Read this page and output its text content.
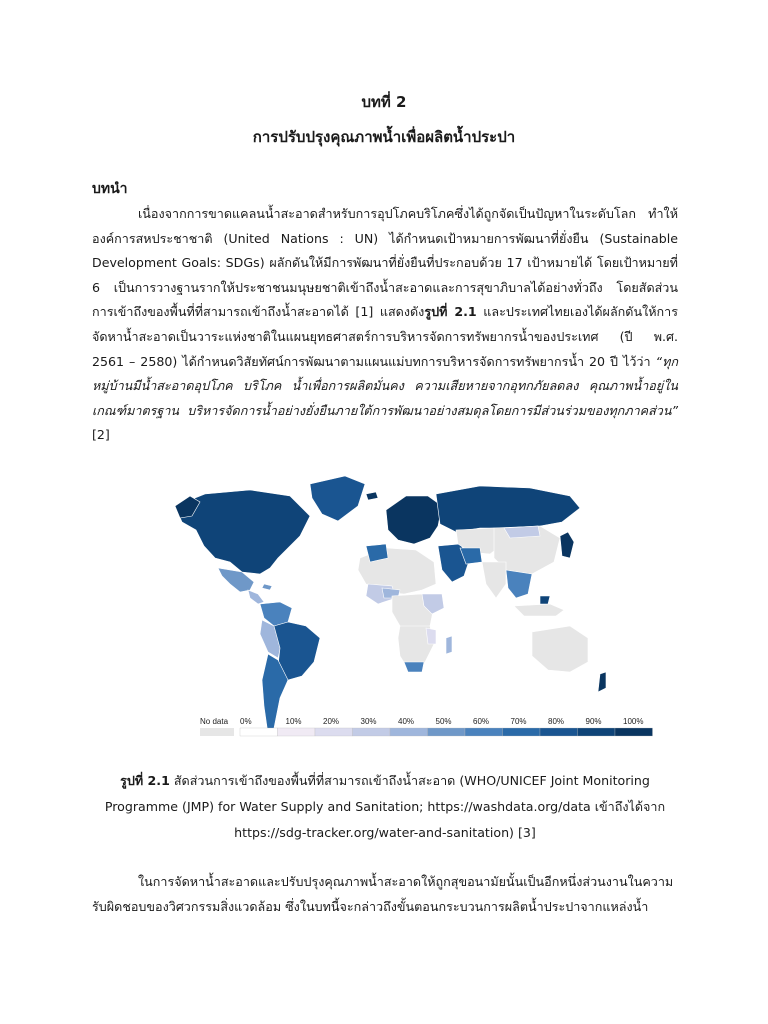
บทที่ 2
การปรับปรุงคุณภาพน้ำเพื่อผลิตน้ำประปา
บทนำ
เนื่องจากการขาดแคลนน้ำสะอาดสำหรับการอุปโภคบริโภคซึ่งได้ถูกจัดเป็นปัญหาในระดับโลก ทำให้องค์การสหประชาชาติ (United Nations : UN) ได้กำหนดเป้าหมายการพัฒนาที่ยั่งยืน (Sustainable Development Goals: SDGs) ผลักดันให้มีการพัฒนาที่ยั่งยืนที่ประกอบด้วย 17 เป้าหมายได้ โดยเป้าหมายที่ 6 เป็นการวางฐานรากให้ประชาชนมนุษยชาติเข้าถึงน้ำสะอาดและการสุขาภิบาลได้อย่างทั่วถึง โดยสัดส่วนการเข้าถึงของพื้นที่ที่สามารถเข้าถึงน้ำสะอาดได้ [1] แสดงดังรูปที่ 2.1 และประเทศไทยเองได้ผลักดันให้การจัดหาน้ำสะอาดเป็นวาระแห่งชาติในแผนยุทธศาสตร์การบริหารจัดการทรัพยากรน้ำของประเทศ (ปี พ.ศ. 2561 – 2580) ได้กำหนดวิสัยทัศน์การพัฒนาตามแผนแม่บทการบริหารจัดการทรัพยากรน้ำ 20 ปี ไว้ว่า “ทุกหมู่บ้านมีน้ำสะอาดอุปโภค บริโภค น้ำเพื่อการผลิตมั่นคง ความเสียหายจากอุทกภัยลดลง คุณภาพน้ำอยู่ในเกณฑ์มาตรฐาน บริหารจัดการน้ำอย่างยั่งยืนภายใต้การพัฒนาอย่างสมดุลโดยการมีส่วนร่วมของทุกภาคส่วน” [2]
No data 0%	10%	20%	30%	40%	50%	60%	70%	80%	90%	100%
รูปที่ 2.1 สัดส่วนการเข้าถึงของพื้นที่ที่สามารถเข้าถึงน้ำสะอาด (WHO/UNICEF Joint Monitoring Programme (JMP) for Water Supply and Sanitation; https://washdata.org/data เข้าถึงได้จาก https://sdg-tracker.org/water-and-sanitation) [3]
ในการจัดหาน้ำสะอาดและปรับปรุงคุณภาพน้ำสะอาดให้ถูกสุขอนามัยนั้นเป็นอีกหนึ่งส่วนงานในความรับผิดชอบของวิศวกรรมสิ่งแวดล้อม ซึ่งในบทนี้จะกล่าวถึงขั้นตอนกระบวนการผลิตน้ำประปาจากแหล่งน้ำ
